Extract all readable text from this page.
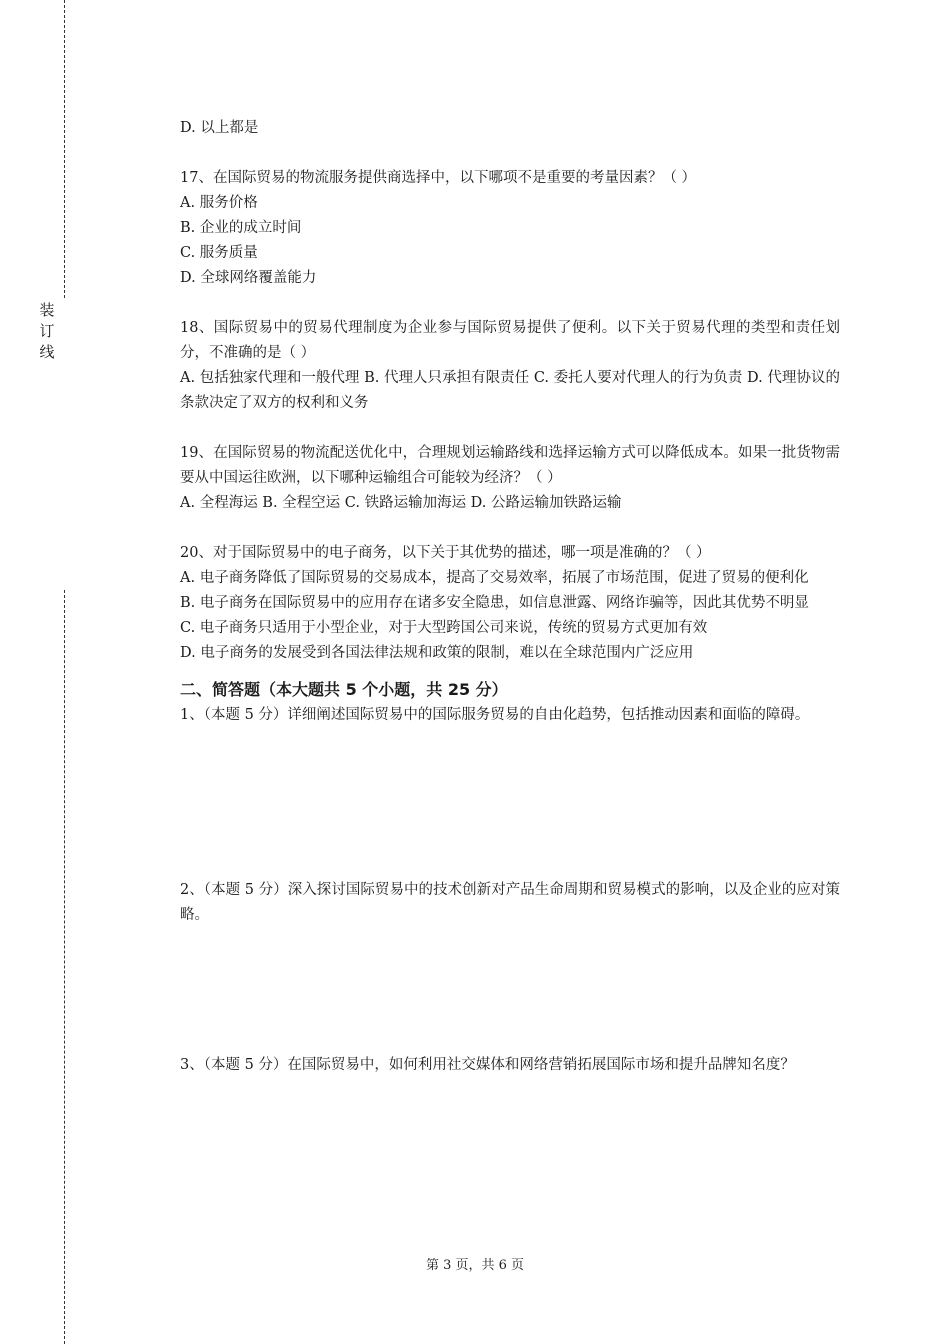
装
订
线
D. 以上都是
17、在国际贸易的物流服务提供商选择中，以下哪项不是重要的考量因素？（ ）
A. 服务价格
B. 企业的成立时间
C. 服务质量
D. 全球网络覆盖能力
18、国际贸易中的贸易代理制度为企业参与国际贸易提供了便利。以下关于贸易代理的类型和责任划分，不准确的是（ ）
A. 包括独家代理和一般代理 B. 代理人只承担有限责任 C. 委托人要对代理人的行为负责 D. 代理协议的条款决定了双方的权利和义务
19、在国际贸易的物流配送优化中，合理规划运输路线和选择运输方式可以降低成本。如果一批货物需要从中国运往欧洲，以下哪种运输组合可能较为经济？（ ）
A. 全程海运 B. 全程空运 C. 铁路运输加海运 D. 公路运输加铁路运输
20、对于国际贸易中的电子商务，以下关于其优势的描述，哪一项是准确的？（ ）
A. 电子商务降低了国际贸易的交易成本，提高了交易效率，拓展了市场范围，促进了贸易的便利化
B. 电子商务在国际贸易中的应用存在诸多安全隐患，如信息泄露、网络诈骗等，因此其优势不明显
C. 电子商务只适用于小型企业，对于大型跨国公司来说，传统的贸易方式更加有效
D. 电子商务的发展受到各国法律法规和政策的限制，难以在全球范围内广泛应用
二、简答题（本大题共 5 个小题，共 25 分）
1、（本题 5 分）详细阐述国际贸易中的国际服务贸易的自由化趋势，包括推动因素和面临的障碍。
2、（本题 5 分）深入探讨国际贸易中的技术创新对产品生命周期和贸易模式的影响，以及企业的应对策略。
3、（本题 5 分）在国际贸易中，如何利用社交媒体和网络营销拓展国际市场和提升品牌知名度？
第 3 页，共 6 页
